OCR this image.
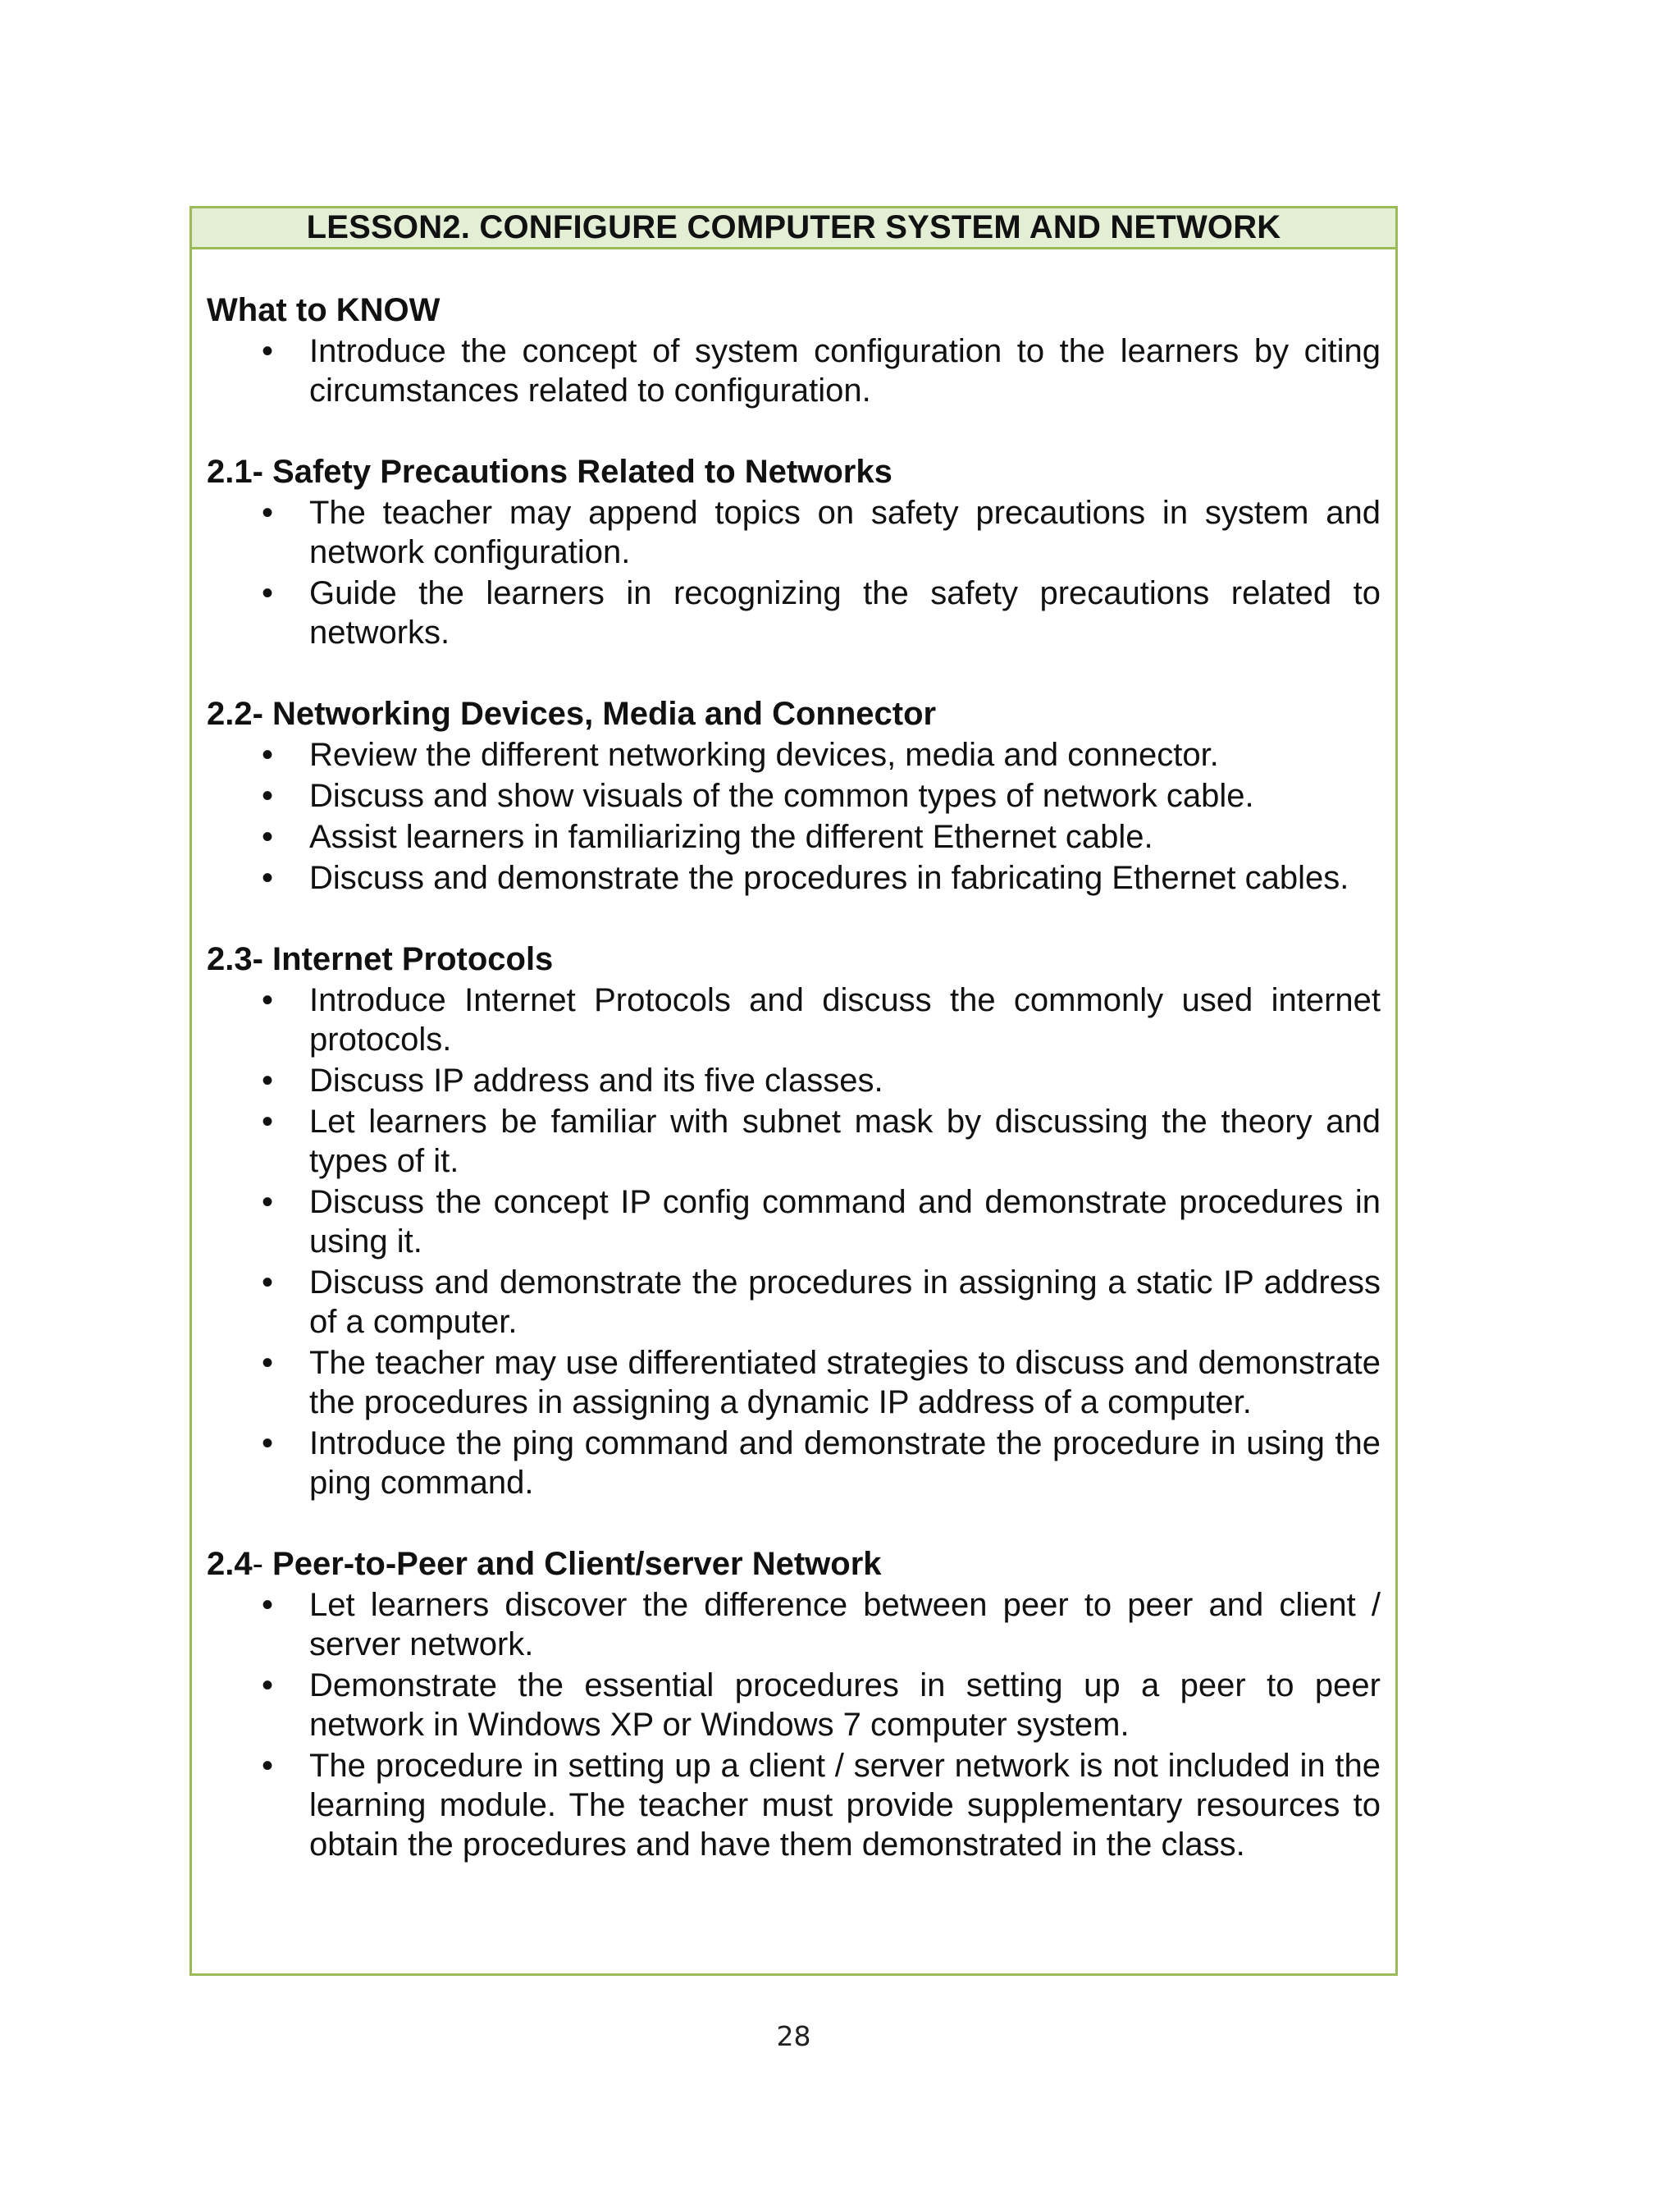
LESSON2. CONFIGURE COMPUTER SYSTEM AND NETWORK
What to KNOW
• Introduce the concept of system configuration to the learners by citing circumstances related to configuration.
2.1- Safety Precautions Related to Networks
• The teacher may append topics on safety precautions in system and network configuration.
• Guide the learners in recognizing the safety precautions related to networks.
2.2- Networking Devices, Media and Connector
• Review the different networking devices, media and connector.
• Discuss and show visuals of the common types of network cable.
• Assist learners in familiarizing the different Ethernet cable.
• Discuss and demonstrate the procedures in fabricating Ethernet cables.
2.3- Internet Protocols
• Introduce Internet Protocols and discuss the commonly used internet protocols.
• Discuss IP address and its five classes.
• Let learners be familiar with subnet mask by discussing the theory and types of it.
• Discuss the concept IP config command and demonstrate procedures in using it.
• Discuss and demonstrate the procedures in assigning a static IP address of a computer.
• The teacher may use differentiated strategies to discuss and demonstrate the procedures in assigning a dynamic IP address of a computer.
• Introduce the ping command and demonstrate the procedure in using the ping command.
2.4- Peer-to-Peer and Client/server Network
• Let learners discover the difference between peer to peer and client / server network.
• Demonstrate the essential procedures in setting up a peer to peer network in Windows XP or Windows 7 computer system.
• The procedure in setting up a client / server network is not included in the learning module. The teacher must provide supplementary resources to obtain the procedures and have them demonstrated in the class.
28
